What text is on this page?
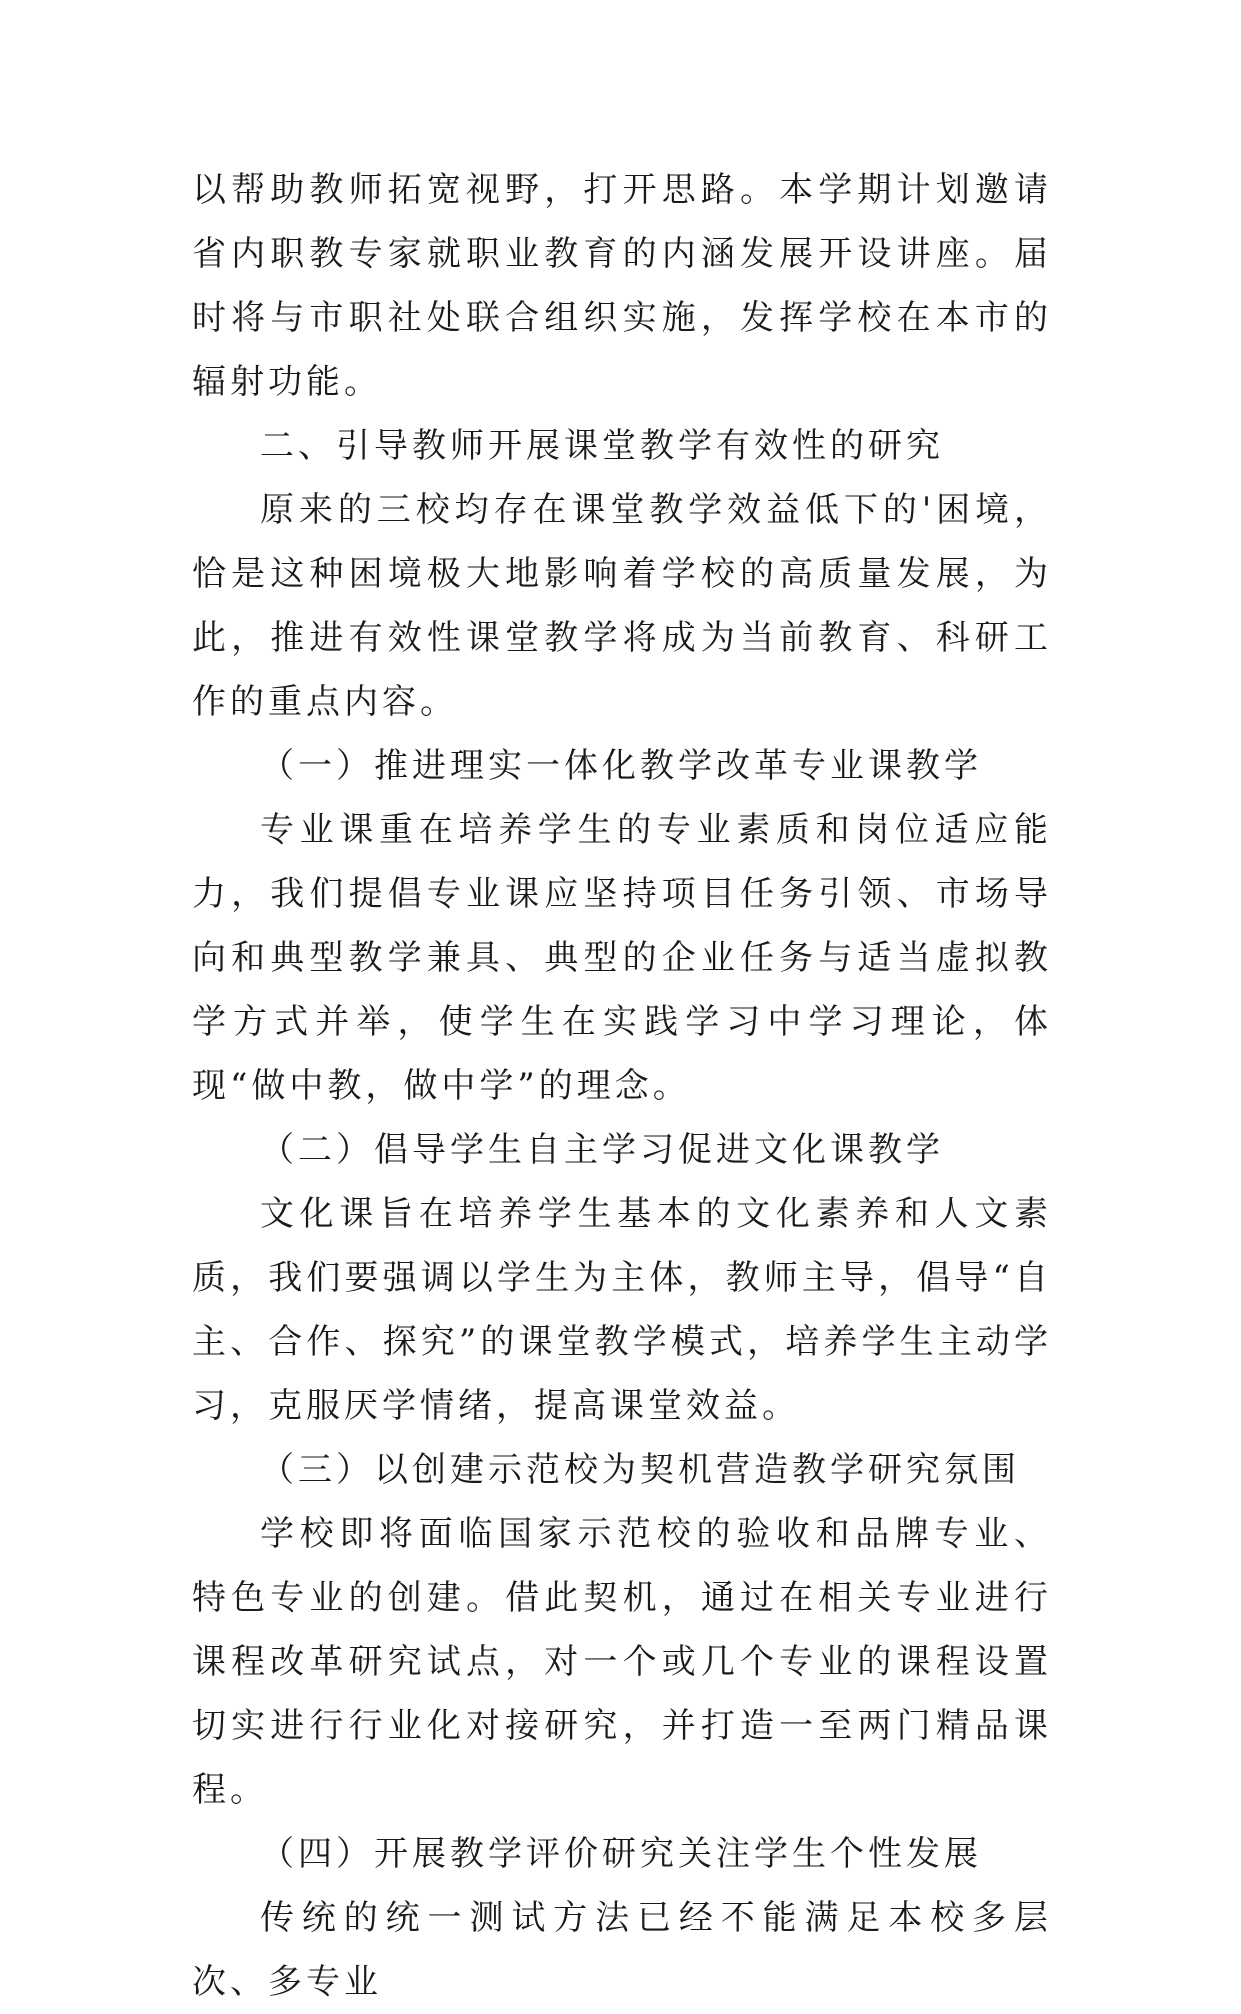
以帮助教师拓宽视野，打开思路。本学期计划邀请省内职教专家就职业教育的内涵发展开设讲座。届时将与市职社处联合组织实施，发挥学校在本市的辐射功能。

二、引导教师开展课堂教学有效性的研究

原来的三校均存在课堂教学效益低下的'困境，恰是这种困境极大地影响着学校的高质量发展，为此，推进有效性课堂教学将成为当前教育、科研工作的重点内容。

（一）推进理实一体化教学改革专业课教学

专业课重在培养学生的专业素质和岗位适应能力，我们提倡专业课应坚持项目任务引领、市场导向和典型教学兼具、典型的企业任务与适当虚拟教学方式并举，使学生在实践学习中学习理论，体现“做中教，做中学”的理念。

（二）倡导学生自主学习促进文化课教学

文化课旨在培养学生基本的文化素养和人文素质，我们要强调以学生为主体，教师主导，倡导“自主、合作、探究”的课堂教学模式，培养学生主动学习，克服厌学情绪，提高课堂效益。

（三）以创建示范校为契机营造教学研究氛围

学校即将面临国家示范校的验收和品牌专业、特色专业的创建。借此契机，通过在相关专业进行课程改革研究试点，对一个或几个专业的课程设置切实进行行业化对接研究，并打造一至两门精品课程。

（四）开展教学评价研究关注学生个性发展

传统的统一测试方法已经不能满足本校多层次、多专业
